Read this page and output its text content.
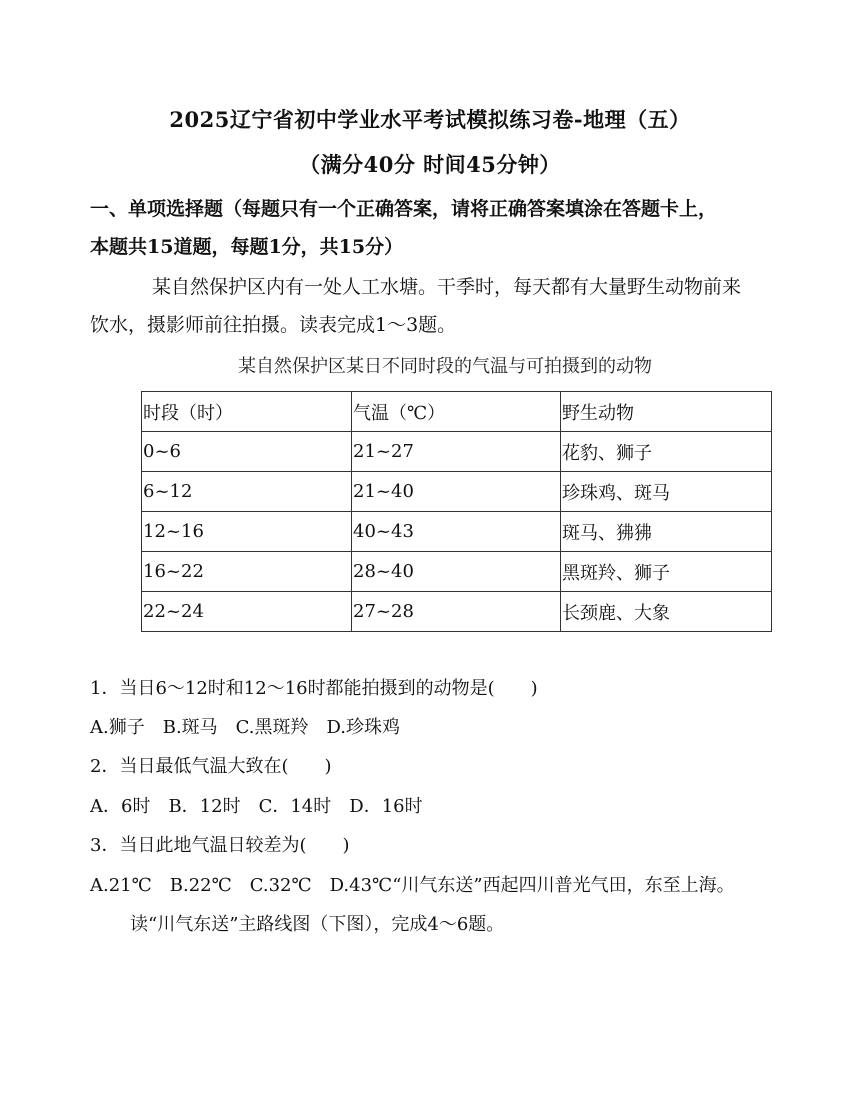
2025辽宁省初中学业水平考试模拟练习卷-地理（五）
（满分40分 时间45分钟）
一、单项选择题（每题只有一个正确答案，请将正确答案填涂在答题卡上，
本题共15道题，每题1分，共15分）
某自然保护区内有一处人工水塘。干季时，每天都有大量野生动物前来
饮水，摄影师前往拍摄。读表完成1～3题。
某自然保护区某日不同时段的气温与可拍摄到的动物
时段（时）	气温（℃）	野生动物
0~6	21~27	花豹、狮子
6~12	21~40	珍珠鸡、斑马
12~16	40~43	斑马、狒狒
16~22	28~40	黑斑羚、狮子
22~24	27~28	长颈鹿、大象
1．当日6～12时和12～16时都能拍摄到的动物是(　　)
A.狮子　B.斑马　C.黑斑羚　D.珍珠鸡
2．当日最低气温大致在(　　)
A．6时　B．12时　C．14时　D．16时
3．当日此地气温日较差为(　　)
A.21℃　B.22℃　C.32℃　D.43℃“川气东送”西起四川普光气田，东至上海。
读“川气东送”主路线图（下图），完成4～6题。
